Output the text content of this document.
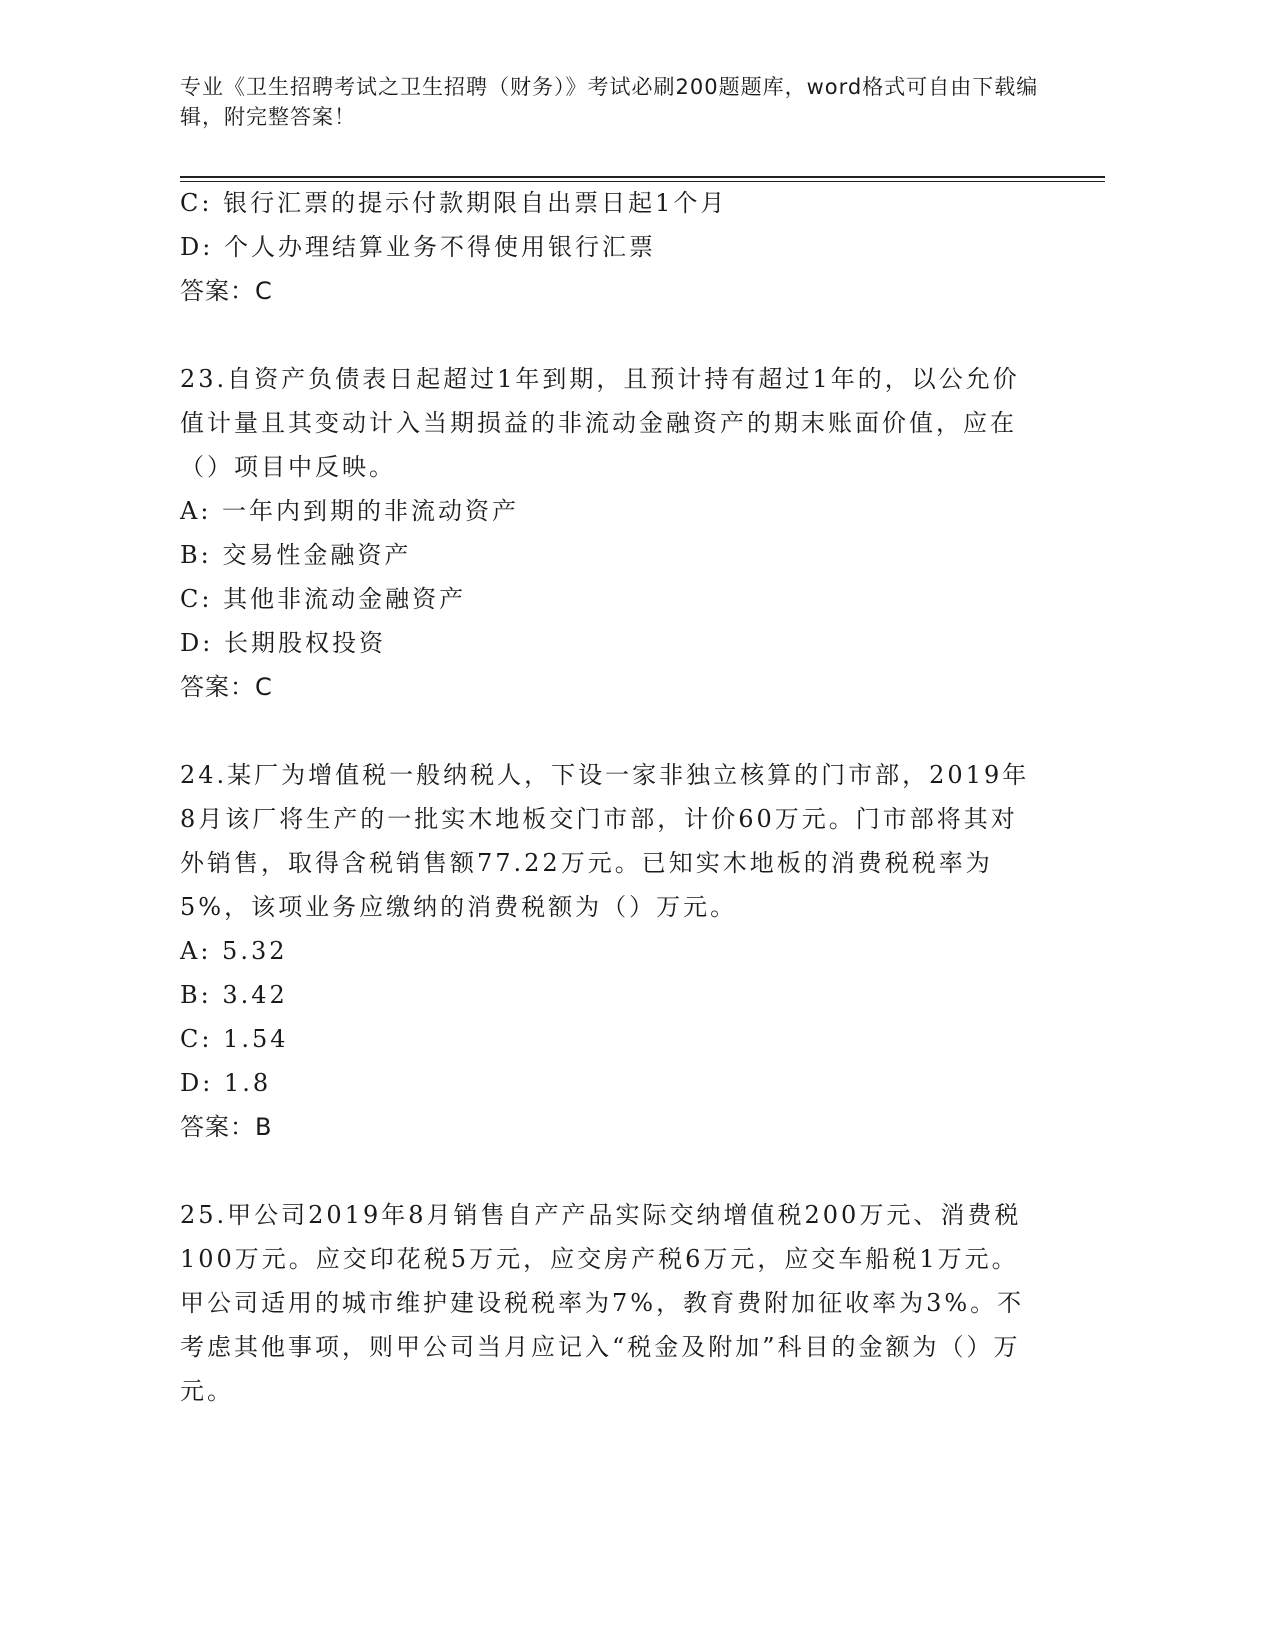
专业《卫生招聘考试之卫生招聘（财务）》考试必刷200题题库，word格式可自由下载编辑，附完整答案！
C: 银行汇票的提示付款期限自出票日起1个月
D: 个人办理结算业务不得使用银行汇票
答案：C
23.自资产负债表日起超过1年到期，且预计持有超过1年的，以公允价值计量且其变动计入当期损益的非流动金融资产的期末账面价值，应在（）项目中反映。
A: 一年内到期的非流动资产
B: 交易性金融资产
C: 其他非流动金融资产
D: 长期股权投资
答案：C
24.某厂为增值税一般纳税人，下设一家非独立核算的门市部，2019年8月该厂将生产的一批实木地板交门市部，计价60万元。门市部将其对外销售，取得含税销售额77.22万元。已知实木地板的消费税税率为5%，该项业务应缴纳的消费税额为（）万元。
A: 5.32
B: 3.42
C: 1.54
D: 1.8
答案：B
25.甲公司2019年8月销售自产产品实际交纳增值税200万元、消费税100万元。应交印花税5万元，应交房产税6万元，应交车船税1万元。甲公司适用的城市维护建设税税率为7%，教育费附加征收率为3%。不考虑其他事项，则甲公司当月应记入“税金及附加”科目的金额为（）万元。
